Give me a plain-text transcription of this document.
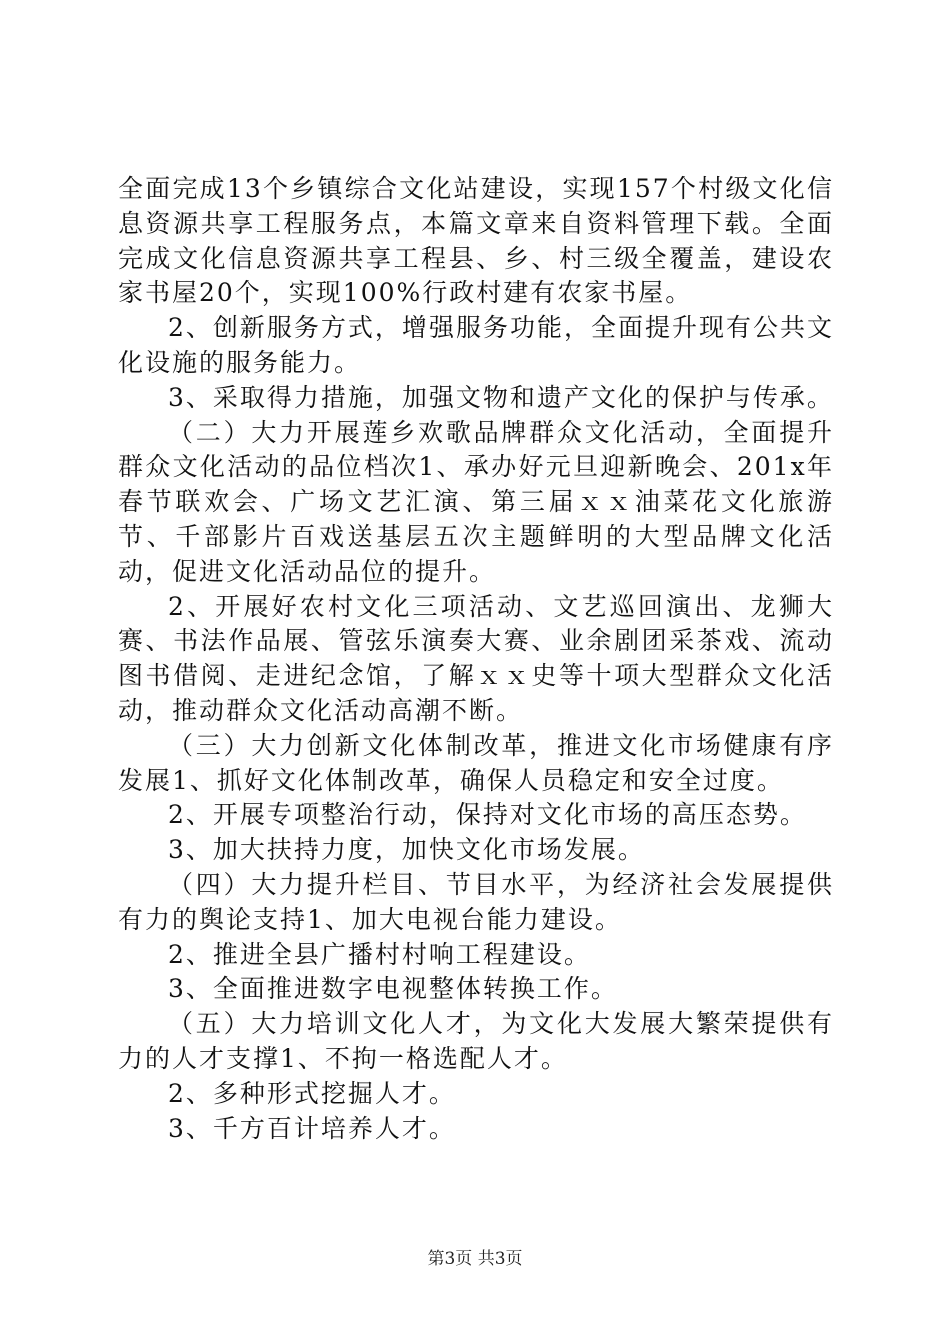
全面完成13个乡镇综合文化站建设，实现157个村级文化信息资源共享工程服务点，本篇文章来自资料管理下载。全面完成文化信息资源共享工程县、乡、村三级全覆盖，建设农家书屋20个，实现100%行政村建有农家书屋。

2、创新服务方式，增强服务功能，全面提升现有公共文化设施的服务能力。

3、采取得力措施，加强文物和遗产文化的保护与传承。

（二）大力开展莲乡欢歌品牌群众文化活动，全面提升群众文化活动的品位档次1、承办好元旦迎新晚会、201x年春节联欢会、广场文艺汇演、第三届ｘｘ油菜花文化旅游节、千部影片百戏送基层五次主题鲜明的大型品牌文化活动，促进文化活动品位的提升。

2、开展好农村文化三项活动、文艺巡回演出、龙狮大赛、书法作品展、管弦乐演奏大赛、业余剧团采茶戏、流动图书借阅、走进纪念馆，了解ｘｘ史等十项大型群众文化活动，推动群众文化活动高潮不断。

（三）大力创新文化体制改革，推进文化市场健康有序发展1、抓好文化体制改革，确保人员稳定和安全过度。

2、开展专项整治行动，保持对文化市场的高压态势。

3、加大扶持力度，加快文化市场发展。

（四）大力提升栏目、节目水平，为经济社会发展提供有力的舆论支持1、加大电视台能力建设。

2、推进全县广播村村响工程建设。

3、全面推进数字电视整体转换工作。

（五）大力培训文化人才，为文化大发展大繁荣提供有力的人才支撑1、不拘一格选配人才。

2、多种形式挖掘人才。

3、千方百计培养人才。

第3页 共3页
